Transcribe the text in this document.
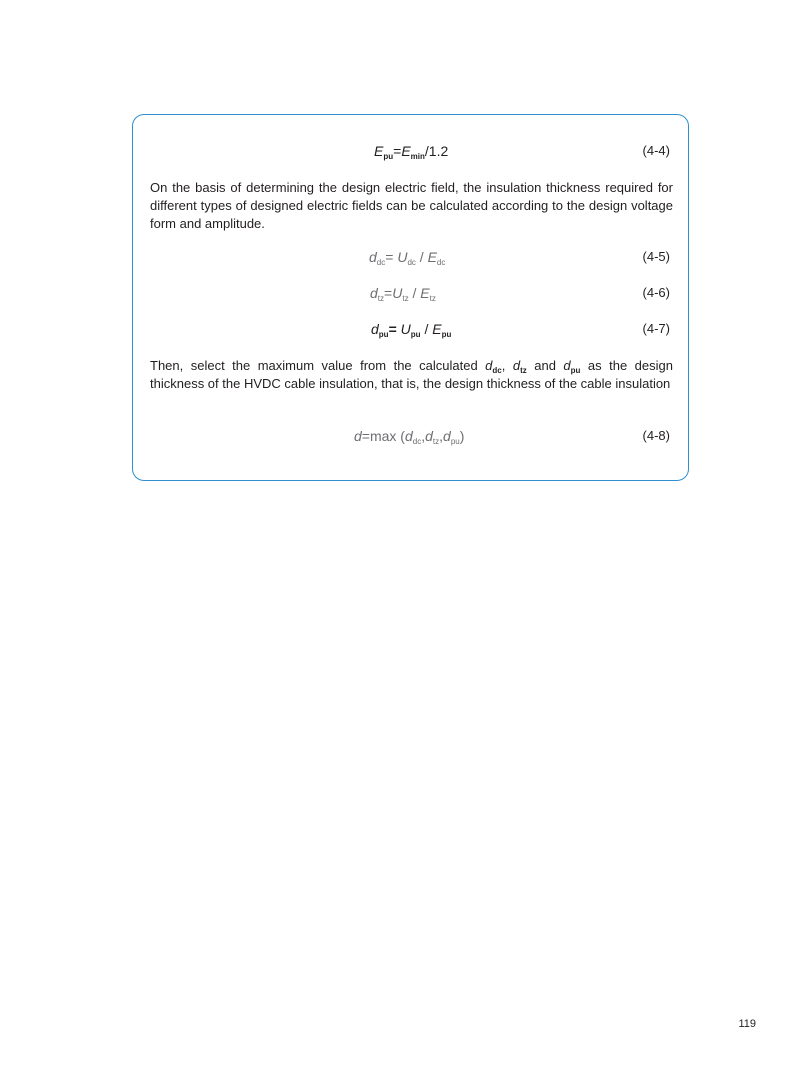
$E_{pu}=E_{min}/1.2$	(4-4)

On the basis of determining the design electric field, the insulation thickness required for different types of designed electric fields can be calculated according to the design voltage form and amplitude.

$d_{dc}= U_{dc} / E_{dc}$	(4-5)
$d_{tz}=U_{tz} / E_{tz}$	(4-6)
$d_{pu}= U_{pu} / E_{pu}$	(4-7)

Then, select the maximum value from the calculated $d_{dc}$, $d_{tz}$ and $d_{pu}$ as the design thickness of the HVDC cable insulation, that is, the design thickness of the cable insulation

d=max $(d_{dc},d_{tz},d_{pu})$	(4-8)
119
